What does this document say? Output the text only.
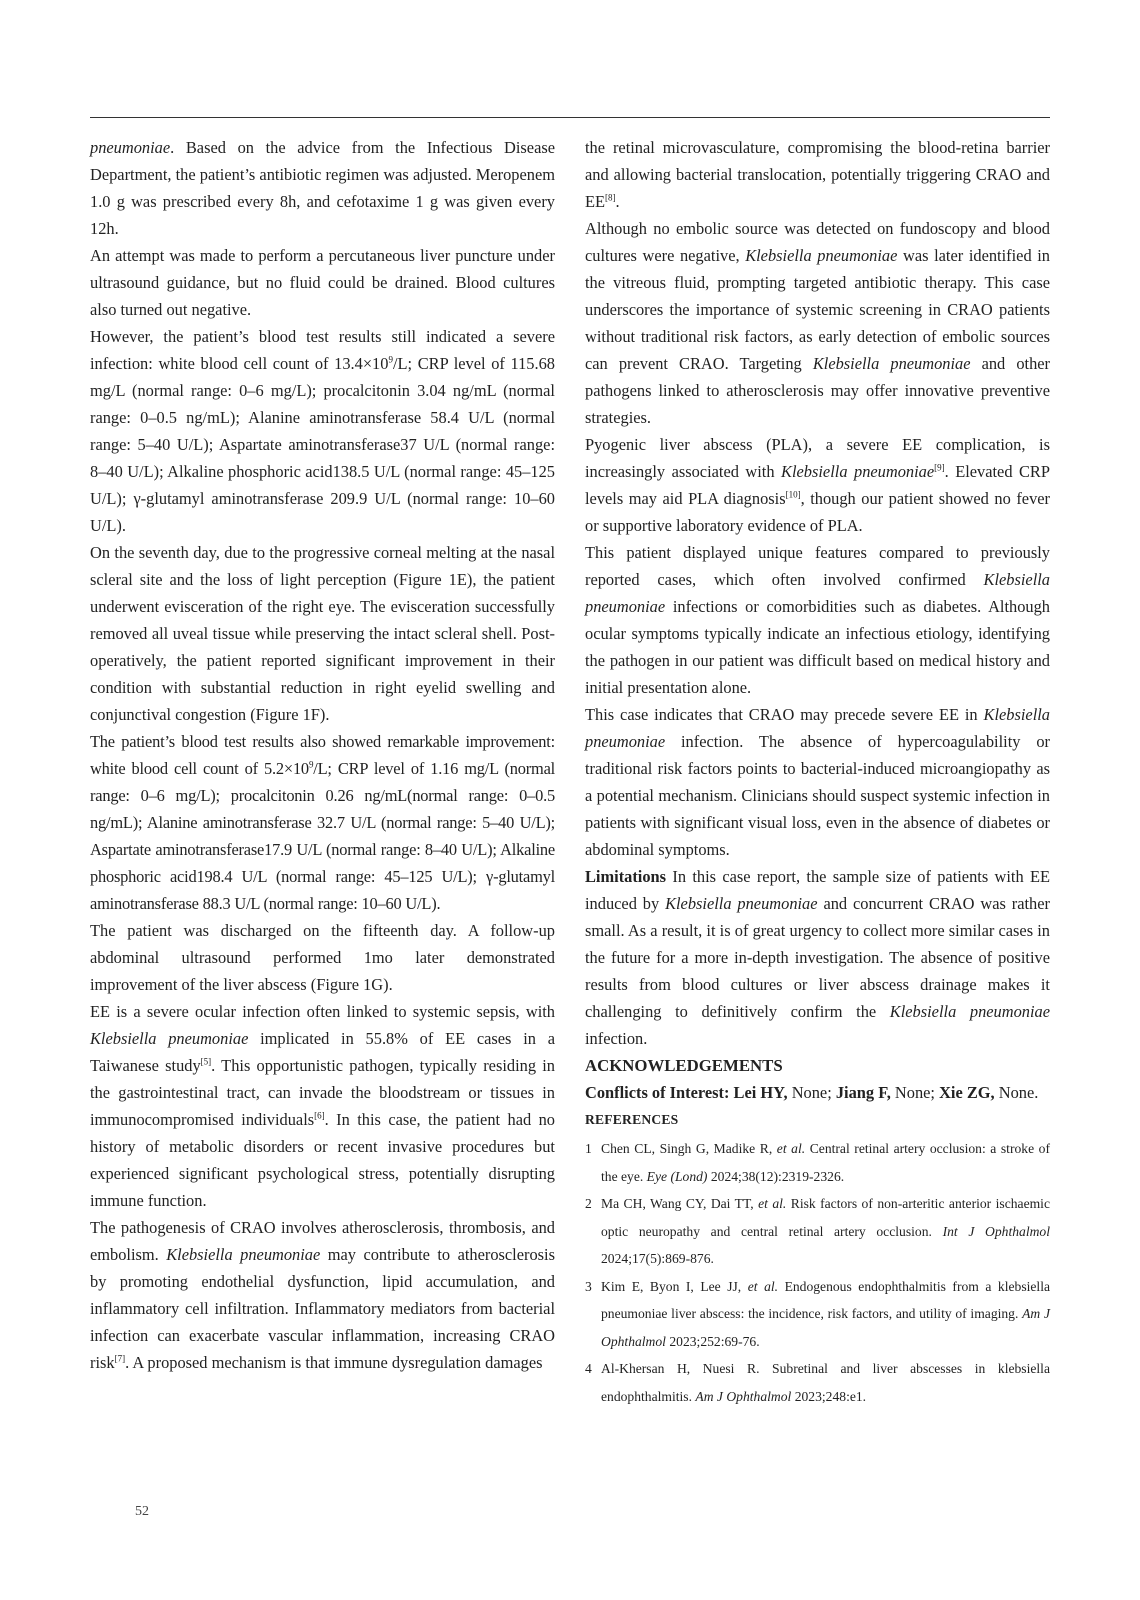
pneumoniae. Based on the advice from the Infectious Disease Department, the patient’s antibiotic regimen was adjusted. Meropenem 1.0 g was prescribed every 8h, and cefotaxime 1 g was given every 12h.

An attempt was made to perform a percutaneous liver puncture under ultrasound guidance, but no fluid could be drained. Blood cultures also turned out negative.

However, the patient’s blood test results still indicated a severe infection: white blood cell count of $13.4\times 10^9/L$; CRP level of 115.68 mg/L (normal range: 0–6 mg/L); procalcitonin 3.04 ng/mL (normal range: 0–0.5 ng/mL); Alanine aminotransferase 58.4 U/L (normal range: 5–40 U/L); Aspartate aminotransferase37 U/L (normal range: 8–40 U/L); Alkaline phosphoric acid138.5 U/L (normal range: 45–125 U/L); γ-glutamyl aminotransferase 209.9 U/L (normal range: 10–60 U/L).

On the seventh day, due to the progressive corneal melting at the nasal scleral site and the loss of light perception (Figure 1E), the patient underwent evisceration of the right eye. The evisceration successfully removed all uveal tissue while preserving the intact scleral shell. Post-operatively, the patient reported significant improvement in their condition with substantial reduction in right eyelid swelling and conjunctival congestion (Figure 1F).

The patient’s blood test results also showed remarkable improvement: white blood cell count of $5.2\times 10^9/L$; CRP level of 1.16 mg/L (normal range: 0–6 mg/L); procalcitonin 0.26 ng/mL(normal range: 0–0.5 ng/mL); Alanine aminotransferase 32.7 U/L (normal range: 5–40 U/L); Aspartate aminotransferase17.9 U/L (normal range: 8–40 U/L); Alkaline phosphoric acid198.4 U/L (normal range: 45–125 U/L); γ-glutamyl aminotransferase 88.3 U/L (normal range: 10–60 U/L).

The patient was discharged on the fifteenth day. A follow-up abdominal ultrasound performed 1mo later demonstrated improvement of the liver abscess (Figure 1G).

EE is a severe ocular infection often linked to systemic sepsis, with Klebsiella pneumoniae implicated in 55.8% of EE cases in a Taiwanese study[5]. This opportunistic pathogen, typically residing in the gastrointestinal tract, can invade the bloodstream or tissues in immunocompromised individuals[6]. In this case, the patient had no history of metabolic disorders or recent invasive procedures but experienced significant psychological stress, potentially disrupting immune function.

The pathogenesis of CRAO involves atherosclerosis, thrombosis, and embolism. Klebsiella pneumoniae may contribute to atherosclerosis by promoting endothelial dysfunction, lipid accumulation, and inflammatory cell infiltration. Inflammatory mediators from bacterial infection can exacerbate vascular inflammation, increasing CRAO risk[7]. A proposed mechanism is that immune dysregulation damages

the retinal microvasculature, compromising the blood-retina barrier and allowing bacterial translocation, potentially triggering CRAO and EE[8].

Although no embolic source was detected on fundoscopy and blood cultures were negative, Klebsiella pneumoniae was later identified in the vitreous fluid, prompting targeted antibiotic therapy. This case underscores the importance of systemic screening in CRAO patients without traditional risk factors, as early detection of embolic sources can prevent CRAO. Targeting Klebsiella pneumoniae and other pathogens linked to atherosclerosis may offer innovative preventive strategies.

Pyogenic liver abscess (PLA), a severe EE complication, is increasingly associated with Klebsiella pneumoniae[9]. Elevated CRP levels may aid PLA diagnosis[10], though our patient showed no fever or supportive laboratory evidence of PLA.

This patient displayed unique features compared to previously reported cases, which often involved confirmed Klebsiella pneumoniae infections or comorbidities such as diabetes. Although ocular symptoms typically indicate an infectious etiology, identifying the pathogen in our patient was difficult based on medical history and initial presentation alone.

This case indicates that CRAO may precede severe EE in Klebsiella pneumoniae infection. The absence of hypercoagulability or traditional risk factors points to bacterial-induced microangiopathy as a potential mechanism. Clinicians should suspect systemic infection in patients with significant visual loss, even in the absence of diabetes or abdominal symptoms.

Limitations In this case report, the sample size of patients with EE induced by Klebsiella pneumoniae and concurrent CRAO was rather small. As a result, it is of great urgency to collect more similar cases in the future for a more in-depth investigation. The absence of positive results from blood cultures or liver abscess drainage makes it challenging to definitively confirm the Klebsiella pneumoniae infection.

ACKNOWLEDGEMENTS

Conflicts of Interest: Lei HY, None; Jiang F, None; Xie ZG, None.

REFERENCES

1 Chen CL, Singh G, Madike R, et al. Central retinal artery occlusion: a stroke of the eye. Eye (Lond) 2024;38(12):2319-2326.
2 Ma CH, Wang CY, Dai TT, et al. Risk factors of non-arteritic anterior ischaemic optic neuropathy and central retinal artery occlusion. Int J Ophthalmol 2024;17(5):869-876.
3 Kim E, Byon I, Lee JJ, et al. Endogenous endophthalmitis from a klebsiella pneumoniae liver abscess: the incidence, risk factors, and utility of imaging. Am J Ophthalmol 2023;252:69-76.
4 Al-Khersan H, Nuesi R. Subretinal and liver abscesses in klebsiella endophthalmitis. Am J Ophthalmol 2023;248:e1.
52
